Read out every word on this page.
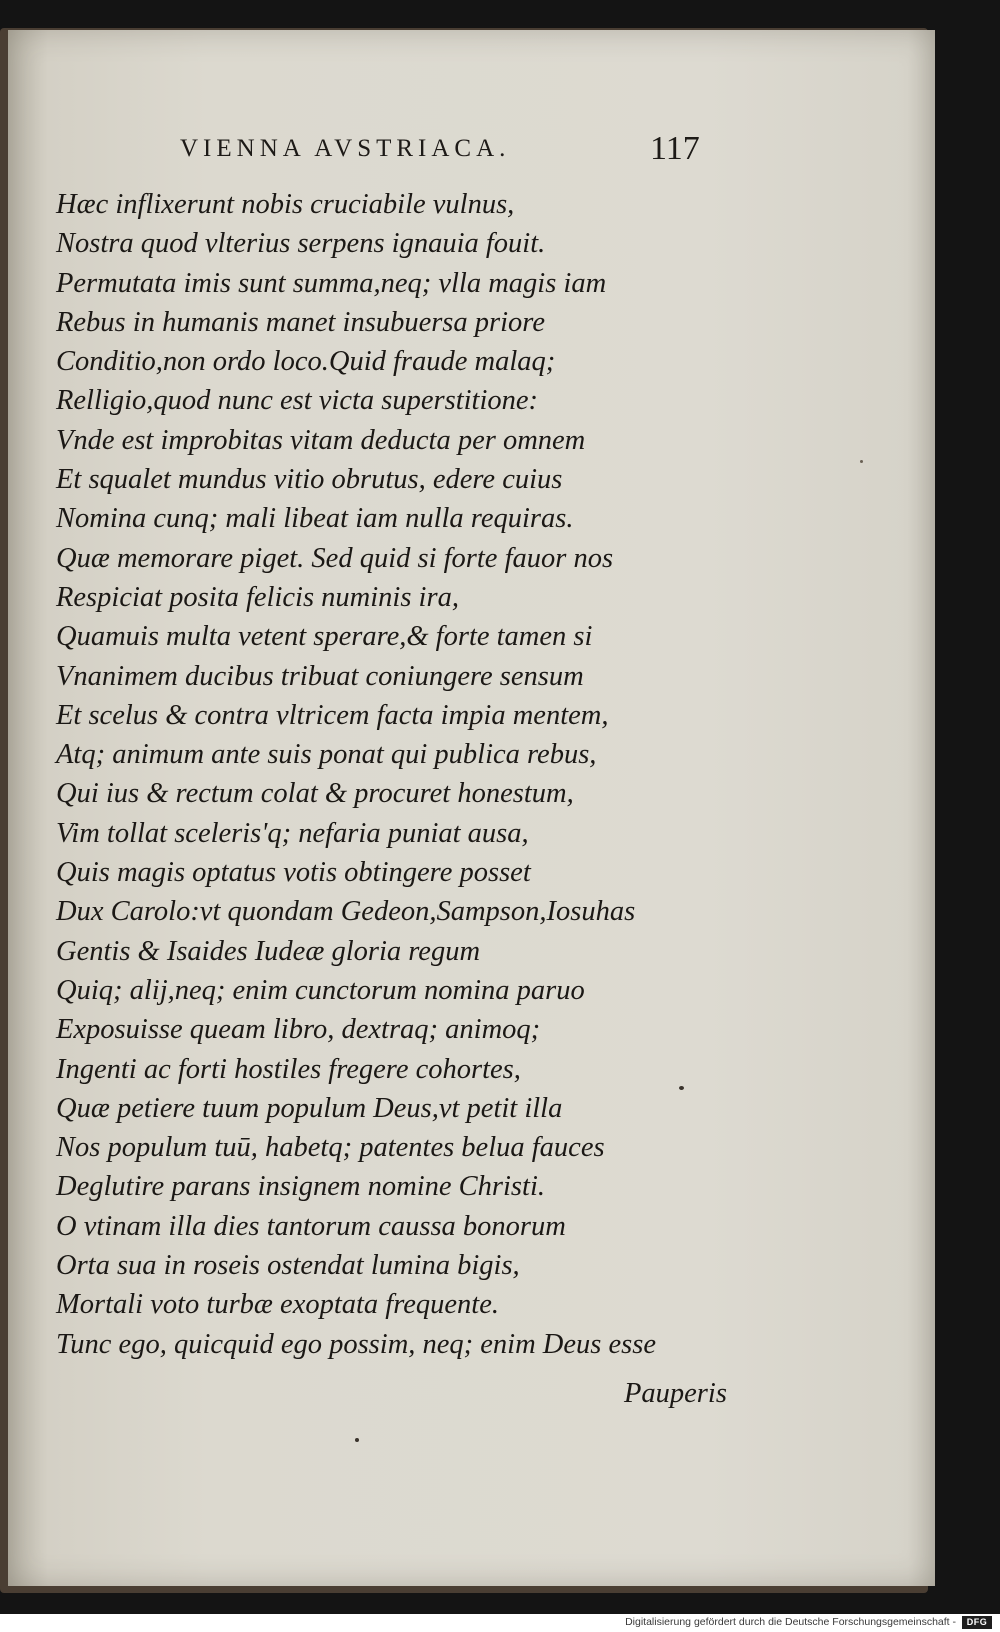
VIENNA AVSTRIACA.	117
Hæc inflixerunt nobis cruciabile vulnus,
Nostra quod vlterius serpens ignauia fouit.
Permutata imis sunt summa,neq; vlla magis iam
Rebus in humanis manet insubuersa priore
Conditio,non ordo loco.Quid fraude malaq;
Relligio,quod nunc est victa superstitione:
Vnde est improbitas vitam deducta per omnem
Et squalet mundus vitio obrutus, edere cuius
Nomina cunq; mali libeat iam nulla requiras.
Quæ memorare piget. Sed quid si forte fauor nos
Respiciat posita felicis numinis ira,
Quamuis multa vetent sperare,& forte tamen si
Vnanimem ducibus tribuat coniungere sensum
Et scelus & contra vltricem facta impia mentem,
Atq; animum ante suis ponat qui publica rebus,
Qui ius & rectum colat & procuret honestum,
Vim tollat sceleris'q; nefaria puniat ausa,
Quis magis optatus votis obtingere posset
Dux Carolo:vt quondam Gedeon,Sampson,Iosuhas
Gentis & Isaides Iudeæ gloria regum
Quiq; alij,neq; enim cunctorum nomina paruo
Exposuisse queam libro, dextraq; animoq;
Ingenti ac forti hostiles fregere cohortes,
Quæ petiere tuum populum Deus,vt petit illa
Nos populum tuū, habetq; patentes belua fauces
Deglutire parans insignem nomine Christi.
O vtinam illa dies tantorum caussa bonorum
Orta sua in roseis ostendat lumina bigis,
Mortali voto turbæ exoptata frequente.
Tunc ego, quicquid ego possim, neq; enim Deus esse
Pauperis
Digitalisierung gefördert durch die Deutsche Forschungsgemeinschaft -	DFG
